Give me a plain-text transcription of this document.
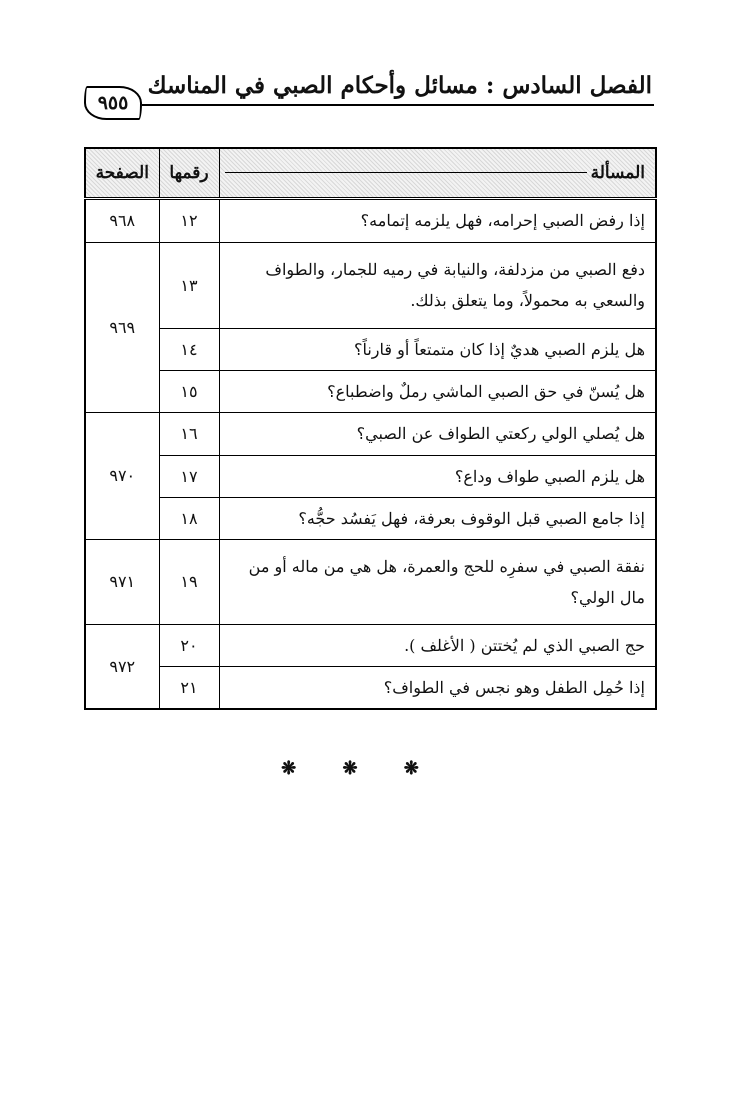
٩٥٥
الفصل السادس : مسائل وأحكام الصبي في المناسك
المسألة	رقمها	الصفحة
إذا رفض الصبي إحرامه، فهل يلزمه إتمامه؟	١٢	٩٦٨
دفع الصبي من مزدلفة، والنيابة في رميه للجمار، والطواف والسعي به محمولاً، وما يتعلق بذلك.	١٣	٩٦٩
هل يلزم الصبي هديٌ إذا كان متمتعاً أو قارناً؟	١٤	
هل يُسنّ في حق الصبي الماشي رملٌ واضطباع؟	١٥	
هل يُصلي الولي ركعتي الطواف عن الصبي؟	١٦	٩٧٠
هل يلزم الصبي طواف وداع؟	١٧	
إذا جامع الصبي قبل الوقوف بعرفة، فهل يَفسُد حجُّه؟	١٨	
نفقة الصبي في سفرِه للحج والعمرة، هل هي من ماله أو من مال الولي؟	١٩	٩٧١
حج الصبي الذي لم يُختتن ( الأغلف ).	٢٠	٩٧٢
إذا حُمِل الطفل وهو نجس في الطواف؟	٢١	
❋ ❋ ❋
